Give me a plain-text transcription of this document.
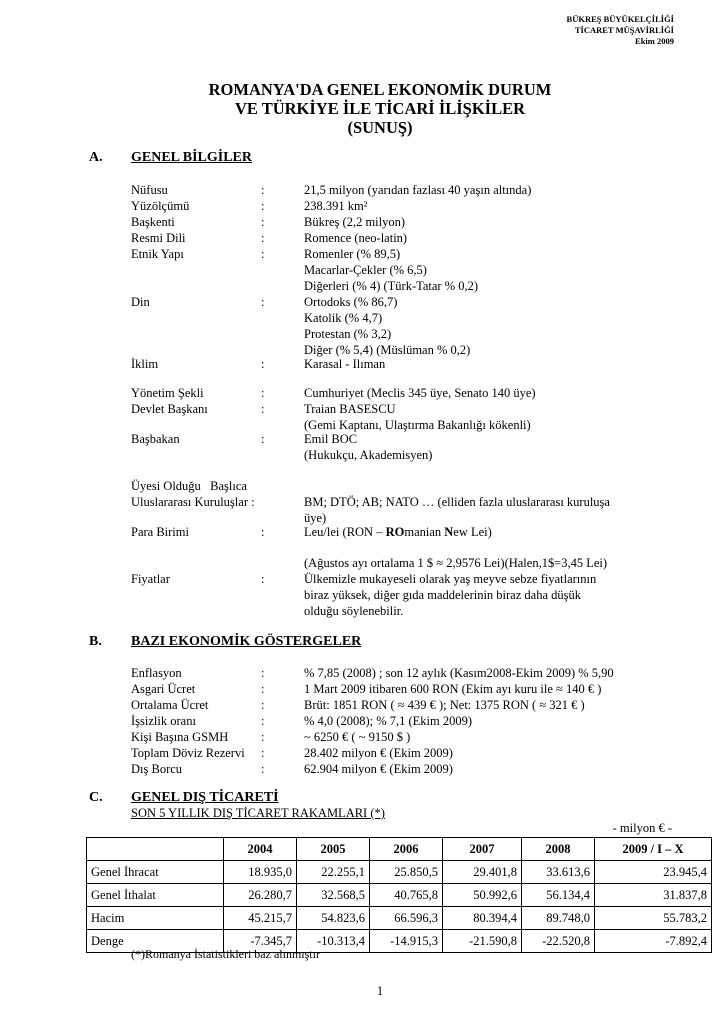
BÜKREŞ BÜYÜKELÇİLİĞİ
TİCARET MÜŞAVİRLİĞİ
Ekim 2009
ROMANYA'DA GENEL EKONOMİK DURUM
VE TÜRKİYE İLE TİCARİ İLİŞKİLER
(SUNUŞ)
A. GENEL BİLGİLER
Nüfusu	:	21,5 milyon (yarıdan fazlası 40 yaşın altında)
Yüzölçümü	:	238.391 km²
Başkenti	:	Bükreş (2,2 milyon)
Resmi Dili	:	Romence (neo-latin)
Etnik Yapı	:	Romenler (% 89,5)
Macarlar-Çekler (% 6,5)
Diğerleri (% 4) (Türk-Tatar % 0,2)
Din	:	Ortodoks (% 86,7)
Katolik (% 4,7)
Protestan (% 3,2)
Diğer (% 5,4) (Müslüman % 0,2)
İklim	:	Karasal - Ilıman
Yönetim Şekli	:	Cumhuriyet (Meclis 345 üye, Senato 140 üye)
Devlet Başkanı	:	Traian BASESCU
(Gemi Kaptanı, Ulaştırma Bakanlığı kökenli)
Başbakan	:	Emil BOC
(Hukukçu, Akademisyen)
Üyesi Olduğu   Başlıca
Uluslararası Kuruluşlar :	BM; DTÖ; AB; NATO … (elliden fazla uluslararası kuruluşa
üye)
Para Birimi	:	Leu/lei (RON – ROmanian New Lei)
(Ağustos ayı ortalama 1 $ ≈ 2,9576 Lei)(Halen,1$=3,45 Lei)
Fiyatlar	:	Ülkemizle mukayeseli olarak yaş meyve sebze fiyatlarının
biraz yüksek, diğer gıda maddelerinin biraz daha düşük
olduğu söylenebilir.
B. BAZI EKONOMİK GÖSTERGELER
Enflasyon	:	% 7,85 (2008) ; son 12 aylık (Kasım2008-Ekim 2009) % 5,90
Asgari Ücret	:	1 Mart 2009 itibaren 600 RON (Ekim ayı kuru ile ≈ 140 € )
Ortalama Ücret	:	Brüt: 1851 RON ( ≈ 439 € ); Net: 1375 RON ( ≈ 321 € )
İşsizlik oranı	:	% 4,0 (2008); % 7,1 (Ekim 2009)
Kişi Başına GSMH	:	~ 6250 € ( ~ 9150 $ )
Toplam Döviz Rezervi :	28.402 milyon € (Ekim 2009)
Dış Borcu	:	62.904 milyon € (Ekim 2009)
C. GENEL DIŞ TİCARETİ
SON 5 YILLIK DIŞ TİCARET RAKAMLARI (*)
- milyon € -
	2004	2005	2006	2007	2008	2009 / I – X
Genel İhracat	18.935,0	22.255,1	25.850,5	29.401,8	33.613,6	23.945,4
Genel İthalat	26.280,7	32.568,5	40.765,8	50.992,6	56.134,4	31.837,8
Hacim	45.215,7	54.823,6	66.596,3	80.394,4	89.748,0	55.783,2
Denge	-7.345,7	-10.313,4	-14.915,3	-21.590,8	-22.520,8	-7.892,4
(*)Romanya İstatistikleri baz alınmıştır
1
